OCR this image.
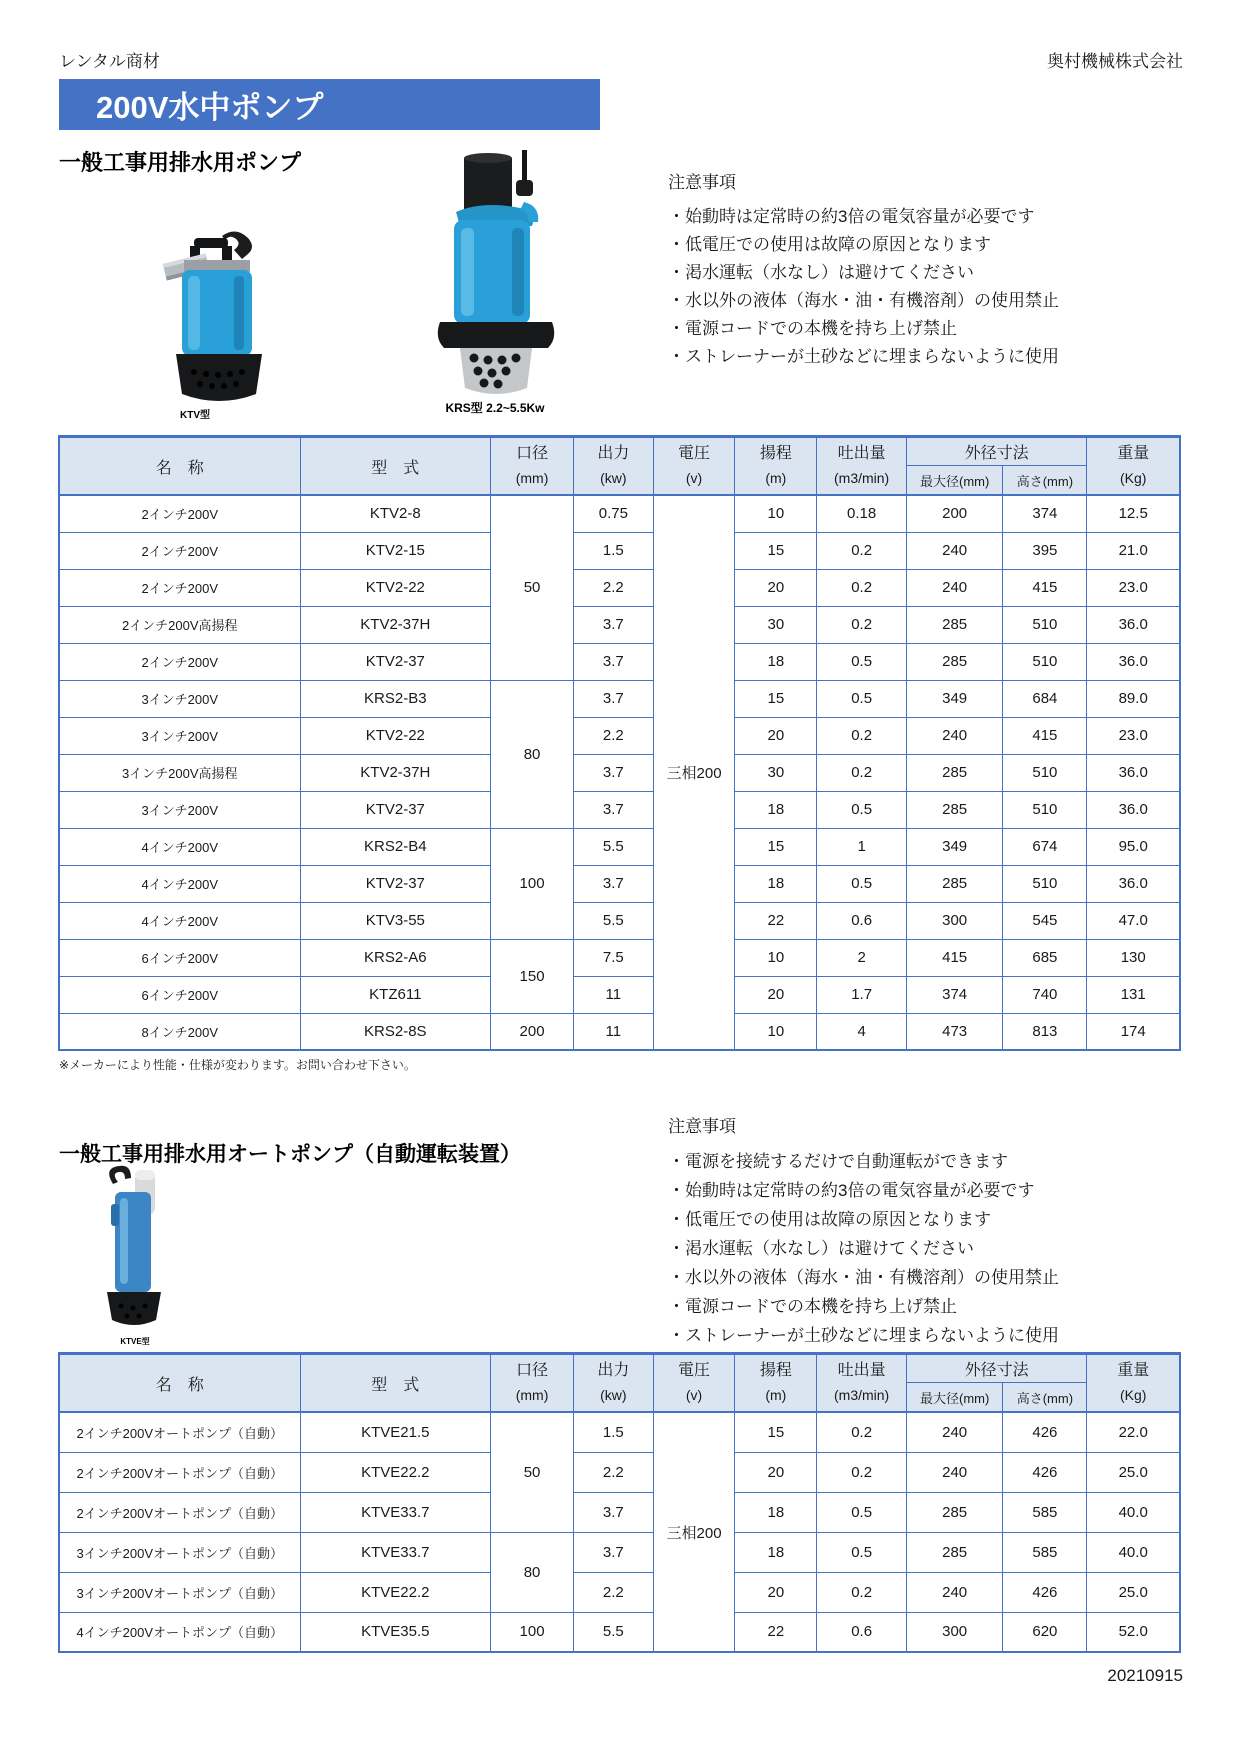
レンタル商材	奥村機械株式会社
200V水中ポンプ
一般工事用排水用ポンプ
KTV型
KRS型 2.2~5.5Kw
注意事項
・始動時は定常時の約3倍の電気容量が必要です
・低電圧での使用は故障の原因となります
・渇水運転（水なし）は避けてください
・水以外の液体（海水・油・有機溶剤）の使用禁止
・電源コードでの本機を持ち上げ禁止
・ストレーナーが土砂などに埋まらないように使用
名　称	型　式	
口径
(mm)

出力
(kw)

電圧
(v)

揚程
(m)

吐出量
(m3/min)
	外径寸法	重量
(Kg)

							最大径(mm)	高さ(mm)	
2インチ200V	KTV2-8	50	0.75	三相200	10	0.18	200	374	12.5
2インチ200V	KTV2-15		1.5		15	0.2	240	395	21.0
2インチ200V	KTV2-22		2.2		20	0.2	240	415	23.0
2インチ200V高揚程	KTV2-37H		3.7		30	0.2	285	510	36.0
2インチ200V	KTV2-37		3.7		18	0.5	285	510	36.0
3インチ200V	KRS2-B3	80	3.7		15	0.5	349	684	89.0
3インチ200V	KTV2-22		2.2		20	0.2	240	415	23.0
3インチ200V高揚程	KTV2-37H		3.7		30	0.2	285	510	36.0
3インチ200V	KTV2-37		3.7		18	0.5	285	510	36.0
4インチ200V	KRS2-B4	100	5.5		15	1	349	674	95.0
4インチ200V	KTV2-37		3.7		18	0.5	285	510	36.0
4インチ200V	KTV3-55		5.5		22	0.6	300	545	47.0
6インチ200V	KRS2-A6	150	7.5		10	2	415	685	130
6インチ200V	KTZ611		11		20	1.7	374	740	131
8インチ200V	KRS2-8S	200	11		10	4	473	813	174
※メーカーにより性能・仕様が変わります。お問い合わせ下さい。
注意事項
・電源を接続するだけで自動運転ができます
・始動時は定常時の約3倍の電気容量が必要です
・低電圧での使用は故障の原因となります
・渇水運転（水なし）は避けてください
・水以外の液体（海水・油・有機溶剤）の使用禁止
・電源コードでの本機を持ち上げ禁止
・ストレーナーが土砂などに埋まらないように使用
一般工事用排水用オートポンプ（自動運転装置）
KTVE型
名　称	型　式	
口径
(mm)

出力
(kw)

電圧
(v)

揚程
(m)

吐出量
(m3/min)
	外径寸法	重量
(Kg)

							最大径(mm)	高さ(mm)	
2インチ200Vオートポンプ（自動）	KTVE21.5	50	1.5	三相200	15	0.2	240	426	22.0
2インチ200Vオートポンプ（自動）	KTVE22.2		2.2		20	0.2	240	426	25.0
2インチ200Vオートポンプ（自動）	KTVE33.7		3.7		18	0.5	285	585	40.0
3インチ200Vオートポンプ（自動）	KTVE33.7	80	3.7		18	0.5	285	585	40.0
3インチ200Vオートポンプ（自動）	KTVE22.2		2.2		20	0.2	240	426	25.0
4インチ200Vオートポンプ（自動）	KTVE35.5	100	5.5		22	0.6	300	620	52.0
20210915
